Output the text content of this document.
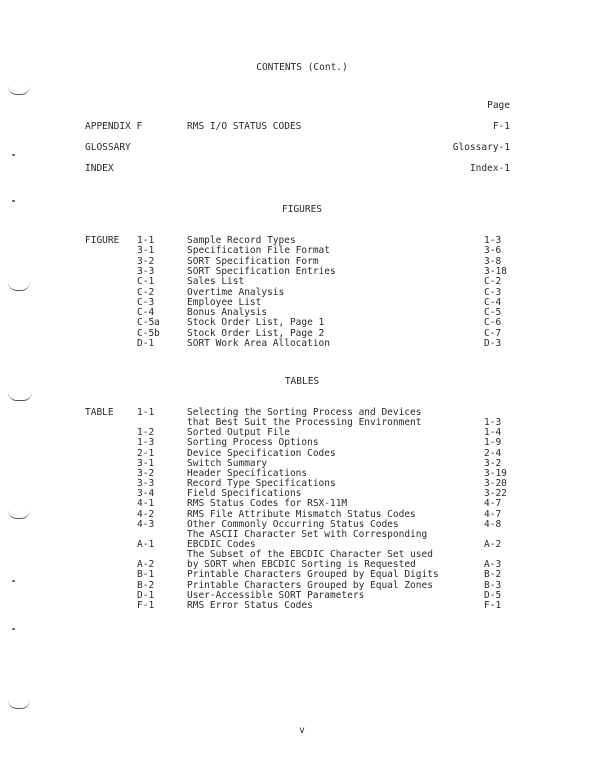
CONTENTS (Cont.)
Page
APPENDIX F	RMS I/O STATUS CODES	F-1
GLOSSARY	Glossary-1
INDEX	Index-1
FIGURES
FIGURE 1-1	Sample Record Types	1-3
3-1	Specification File Format	3-6
3-2	SORT Specification Form	3-8
3-3	SORT Specification Entries	3-18
C-1	Sales List	C-2
C-2	Overtime Analysis	C-3
C-3	Employee List	C-4
C-4	Bonus Analysis	C-5
C-5a	Stock Order List, Page 1	C-6
C-5b	Stock Order List, Page 2	C-7
D-1	SORT Work Area Allocation	D-3
TABLES
TABLE 1-1	Selecting the Sorting Process and Devices
that Best Suit the Processing Environment	1-3
1-2	Sorted Output File	1-4
1-3	Sorting Process Options	1-9
2-1	Device Specification Codes	2-4
3-1	Switch Summary	3-2
3-2	Header Specifications	3-19
3-3	Record Type Specifications	3-20
3-4	Field Specifications	3-22
4-1	RMS Status Codes for RSX-11M	4-7
4-2	RMS File Attribute Mismatch Status Codes	4-7
4-3	Other Commonly Occurring Status Codes	4-8
A-1
The ASCII Character Set with Corresponding
EBCDIC Codes	A-2
A-2
The Subset of the EBCDIC Character Set used
by SORT when EBCDIC Sorting is Requested	A-3
B-1	Printable Characters Grouped by Equal Digits	B-2
B-2	Printable Characters Grouped by Equal Zones	B-3
D-1	User-Accessible SORT Parameters	D-5
F-1	RMS Error Status Codes	F-1
v
